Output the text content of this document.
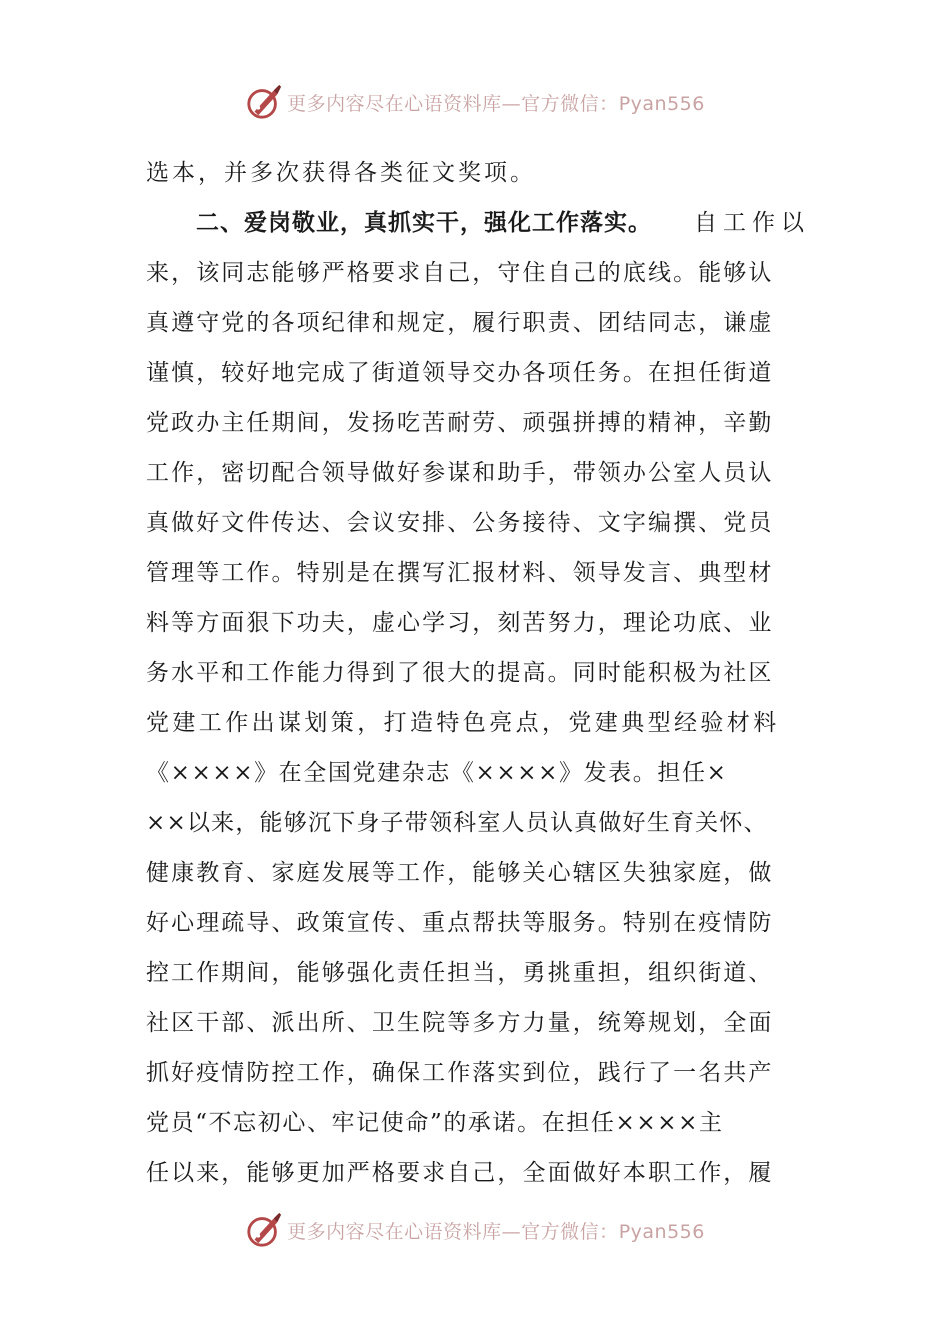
更多内容尽在心语资料库—官方微信：Pyan556
选本，并多次获得各类征文奖项。
二、爱岗敬业，真抓实干，强化工作落实。 自工作以
来，该同志能够严格要求自己，守住自己的底线。能够认
真遵守党的各项纪律和规定，履行职责、团结同志，谦虚
谨慎，较好地完成了街道领导交办各项任务。在担任街道
党政办主任期间，发扬吃苦耐劳、顽强拼搏的精神，辛勤
工作，密切配合领导做好参谋和助手，带领办公室人员认
真做好文件传达、会议安排、公务接待、文字编撰、党员
管理等工作。特别是在撰写汇报材料、领导发言、典型材
料等方面狠下功夫，虚心学习，刻苦努力，理论功底、业
务水平和工作能力得到了很大的提高。同时能积极为社区
党建工作出谋划策，打造特色亮点，党建典型经验材料
《××××》在全国党建杂志《××××》发表。担任×
××以来，能够沉下身子带领科室人员认真做好生育关怀、
健康教育、家庭发展等工作，能够关心辖区失独家庭，做
好心理疏导、政策宣传、重点帮扶等服务。特别在疫情防
控工作期间，能够强化责任担当，勇挑重担，组织街道、
社区干部、派出所、卫生院等多方力量，统筹规划，全面
抓好疫情防控工作，确保工作落实到位，践行了一名共产
党员“不忘初心、牢记使命”的承诺。在担任××××主
任以来，能够更加严格要求自己，全面做好本职工作，履
更多内容尽在心语资料库—官方微信：Pyan556
